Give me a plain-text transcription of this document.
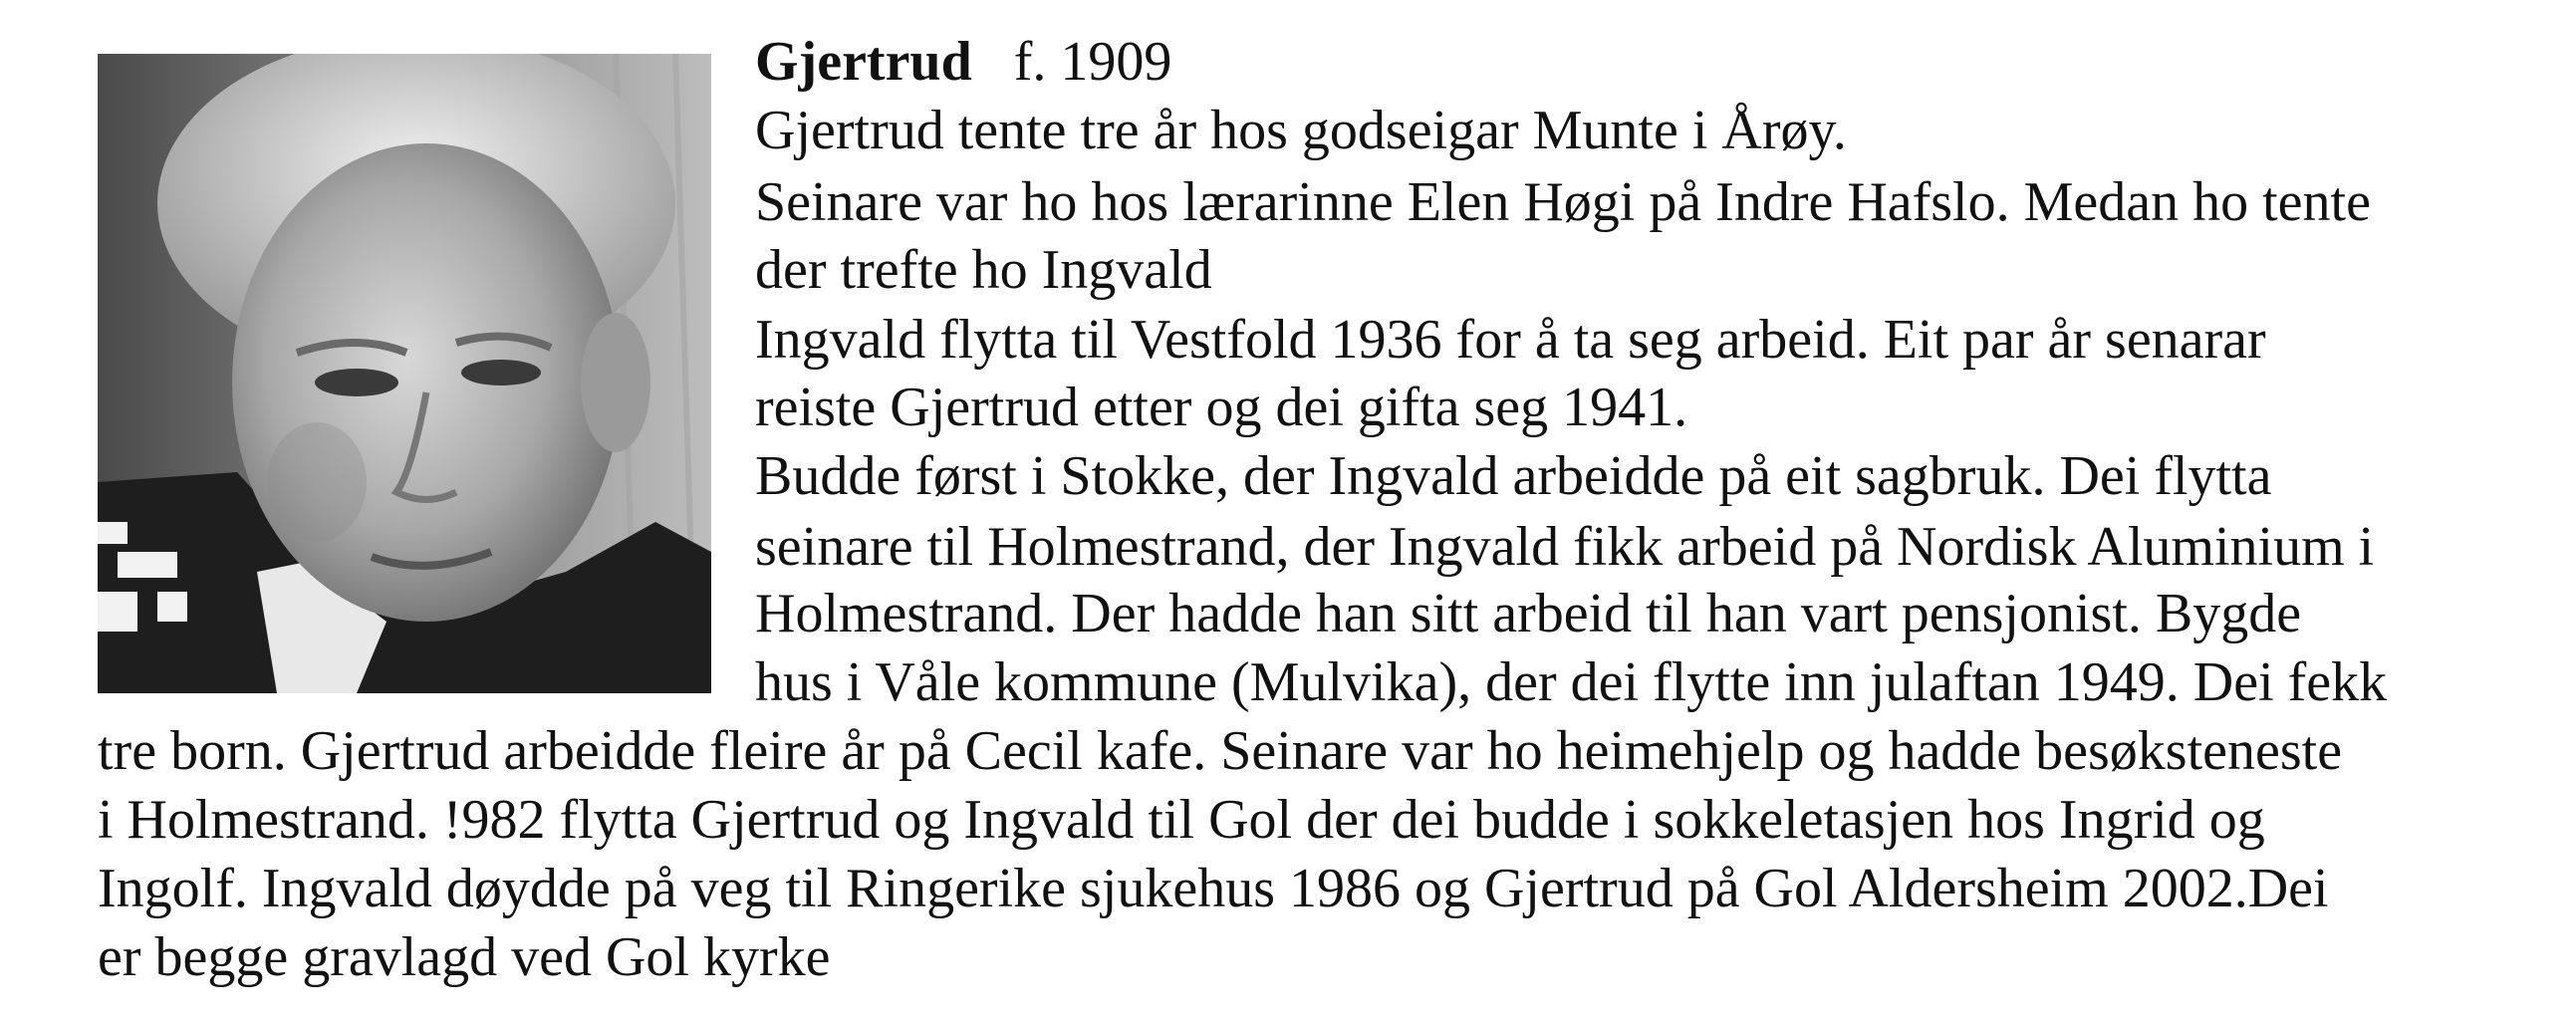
Gjertrud f. 1909
Gjertrud tente tre år hos godseigar Munte i Årøy.
Seinare var ho hos lærarinne Elen Høgi på Indre Hafslo. Medan ho tente
der trefte ho Ingvald
Ingvald flytta til Vestfold 1936 for å ta seg arbeid. Eit par år senarar
reiste Gjertrud etter og dei gifta seg 1941.
Budde først i Stokke, der Ingvald arbeidde på eit sagbruk. Dei flytta
seinare til Holmestrand, der Ingvald fikk arbeid på Nordisk Aluminium i
Holmestrand. Der hadde han sitt arbeid til han vart pensjonist. Bygde
hus i Våle kommune (Mulvika), der dei flytte inn julaftan 1949. Dei fekk
tre born. Gjertrud arbeidde fleire år på Cecil kafe. Seinare var ho heimehjelp og hadde besøksteneste
i Holmestrand. !982 flytta Gjertrud og Ingvald til Gol der dei budde i sokkeletasjen hos Ingrid og
Ingolf. Ingvald døydde på veg til Ringerike sjukehus 1986 og Gjertrud på Gol Aldersheim 2002.Dei
er begge gravlagd ved Gol kyrke
